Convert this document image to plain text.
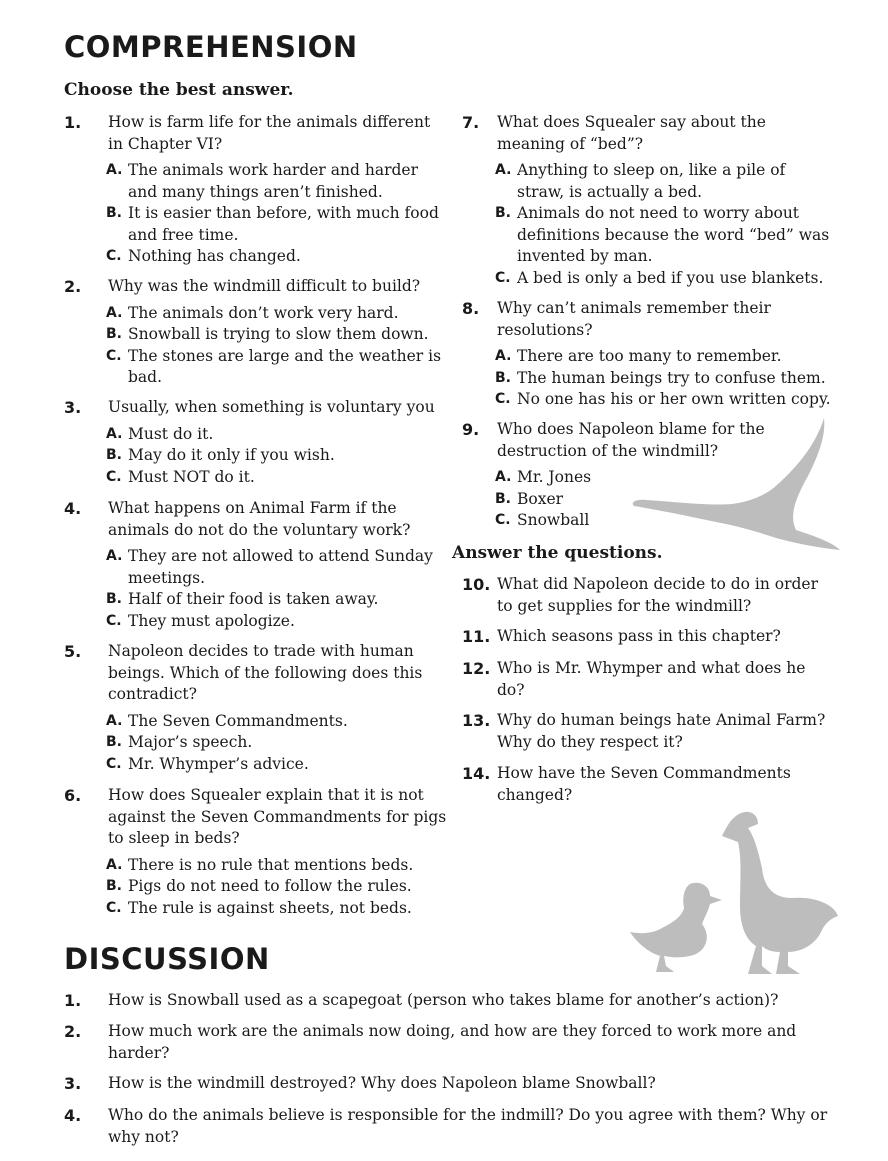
COMPREHENSION
Choose the best answer.
1. How is farm life for the animals different
in Chapter VI?
A. The animals work harder and harder
and many things aren’t finished.
B. It is easier than before, with much food
and free time.
C. Nothing has changed.
2. Why was the windmill difficult to build?
A. The animals don’t work very hard.
B. Snowball is trying to slow them down.
C. The stones are large and the weather is
bad.
3. Usually, when something is voluntary you
A. Must do it.
B. May do it only if you wish.
C. Must NOT do it.
4. What happens on Animal Farm if the
animals do not do the voluntary work?
A. They are not allowed to attend Sunday
meetings.
B. Half of their food is taken away.
C. They must apologize.
5. Napoleon decides to trade with human
beings. Which of the following does this
contradict?
A. The Seven Commandments.
B. Major’s speech.
C. Mr. Whymper’s advice.
6. How does Squealer explain that it is not
against the Seven Commandments for pigs
to sleep in beds?
A. There is no rule that mentions beds.
B. Pigs do not need to follow the rules.
C. The rule is against sheets, not beds.
7. What does Squealer say about the
meaning of “bed”?
A. Anything to sleep on, like a pile of
straw, is actually a bed.
B. Animals do not need to worry about
definitions because the word “bed” was
invented by man.
C. A bed is only a bed if you use blankets.
8. Why can’t animals remember their
resolutions?
A. There are too many to remember.
B. The human beings try to confuse them.
C. No one has his or her own written copy.
9. Who does Napoleon blame for the
destruction of the windmill?
A. Mr. Jones
B. Boxer
C. Snowball
Answer the questions.
10. What did Napoleon decide to do in order
to get supplies for the windmill?
11. Which seasons pass in this chapter?
12. Who is Mr. Whymper and what does he
do?
13. Why do human beings hate Animal Farm?
Why do they respect it?
14. How have the Seven Commandments
changed?
DISCUSSION
1. How is Snowball used as a scapegoat (person who takes blame for another’s action)?
2. How much work are the animals now doing, and how are they forced to work more and
harder?
3. How is the windmill destroyed? Why does Napoleon blame Snowball?
4. Who do the animals believe is responsible for the indmill? Do you agree with them? Why or
why not?
